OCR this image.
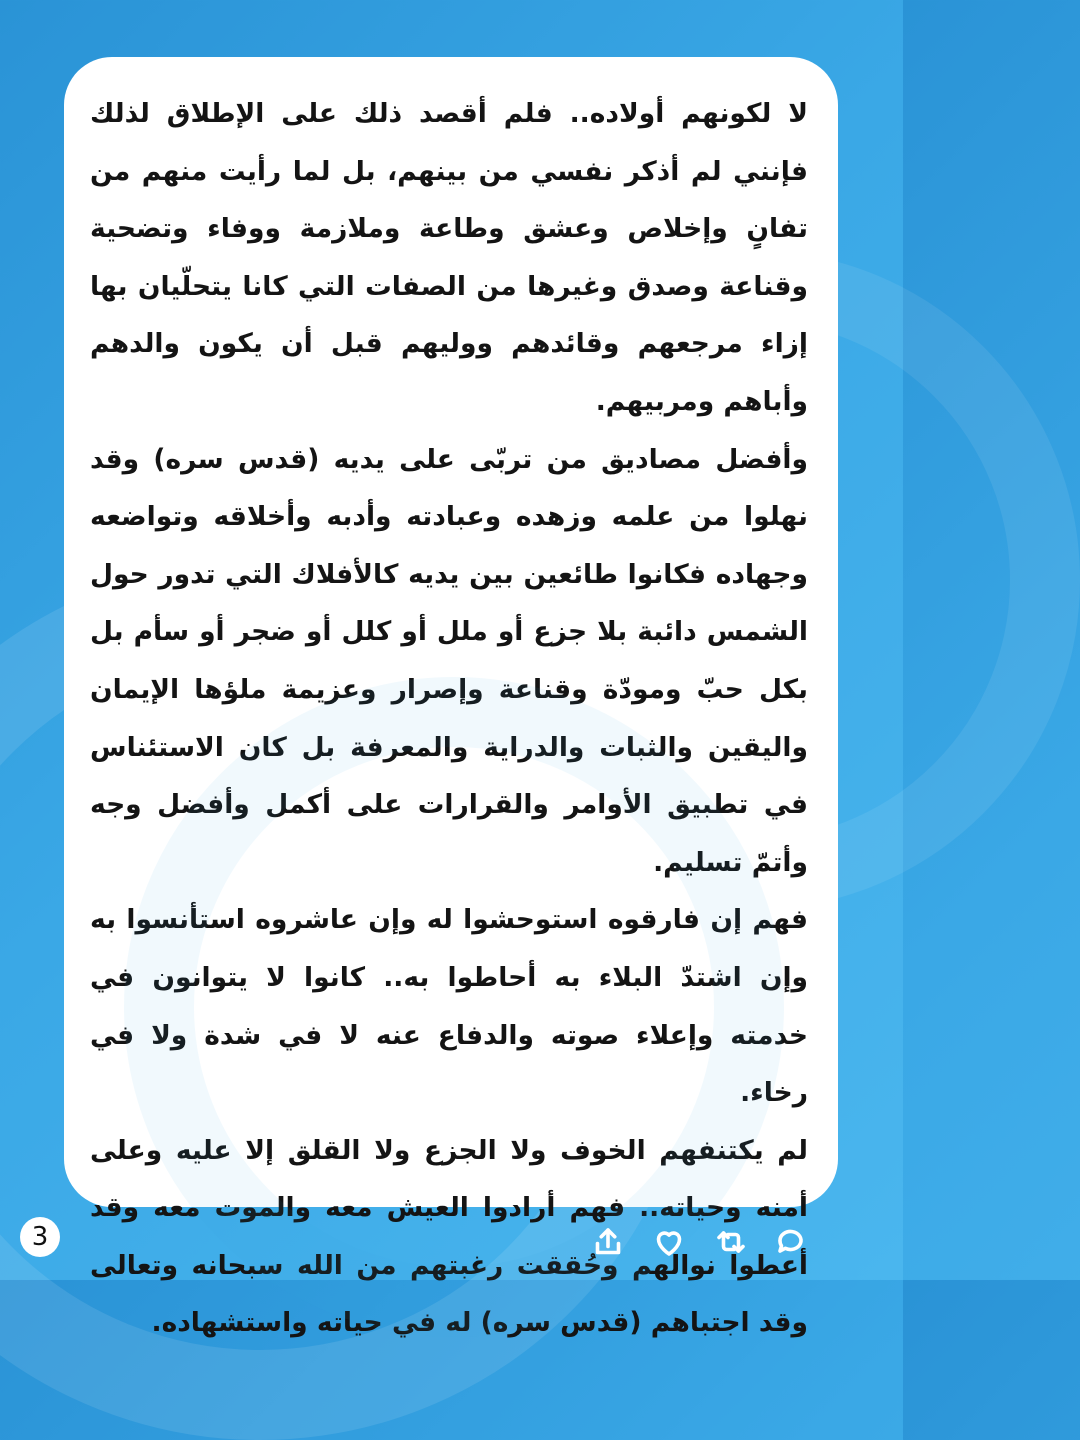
لا لكونهم أولاده.. فلم أقصد ذلك على الإطلاق لذلك فإنني لم أذكر نفسي من بينهم، بل لما رأيت منهم من تفانٍ وإخلاص وعشق وطاعة وملازمة ووفاء وتضحية وقناعة وصدق وغيرها من الصفات التي كانا يتحلّيان بها إزاء مرجعهم وقائدهم ووليهم قبل أن يكون والدهم وأباهم ومربيهم.

وأفضل مصاديق من تربّى على يديه (قدس سره) وقد نهلوا من علمه وزهده وعبادته وأدبه وأخلاقه وتواضعه وجهاده فكانوا طائعين بين يديه كالأفلاك التي تدور حول الشمس دائبة بلا جزع أو ملل أو كلل أو ضجر أو سأم بل بكل حبّ ومودّة وقناعة وإصرار وعزيمة ملؤها الإيمان واليقين والثبات والدراية والمعرفة بل كان الاستئناس في تطبيق الأوامر والقرارات على أكمل وأفضل وجه وأتمّ تسليم.

فهم إن فارقوه استوحشوا له وإن عاشروه استأنسوا به وإن اشتدّ البلاء به أحاطوا به.. كانوا لا يتوانون في خدمته وإعلاء صوته والدفاع عنه لا في شدة ولا في رخاء.

لم يكتنفهم الخوف ولا الجزع ولا القلق إلا عليه وعلى أمنه وحياته.. فهم أرادوا العيش معه والموت معه وقد أعطوا نوالهم وحُققت رغبتهم من الله سبحانه وتعالى وقد اجتباهم (قدس سره) له في حياته واستشهاده.

3
